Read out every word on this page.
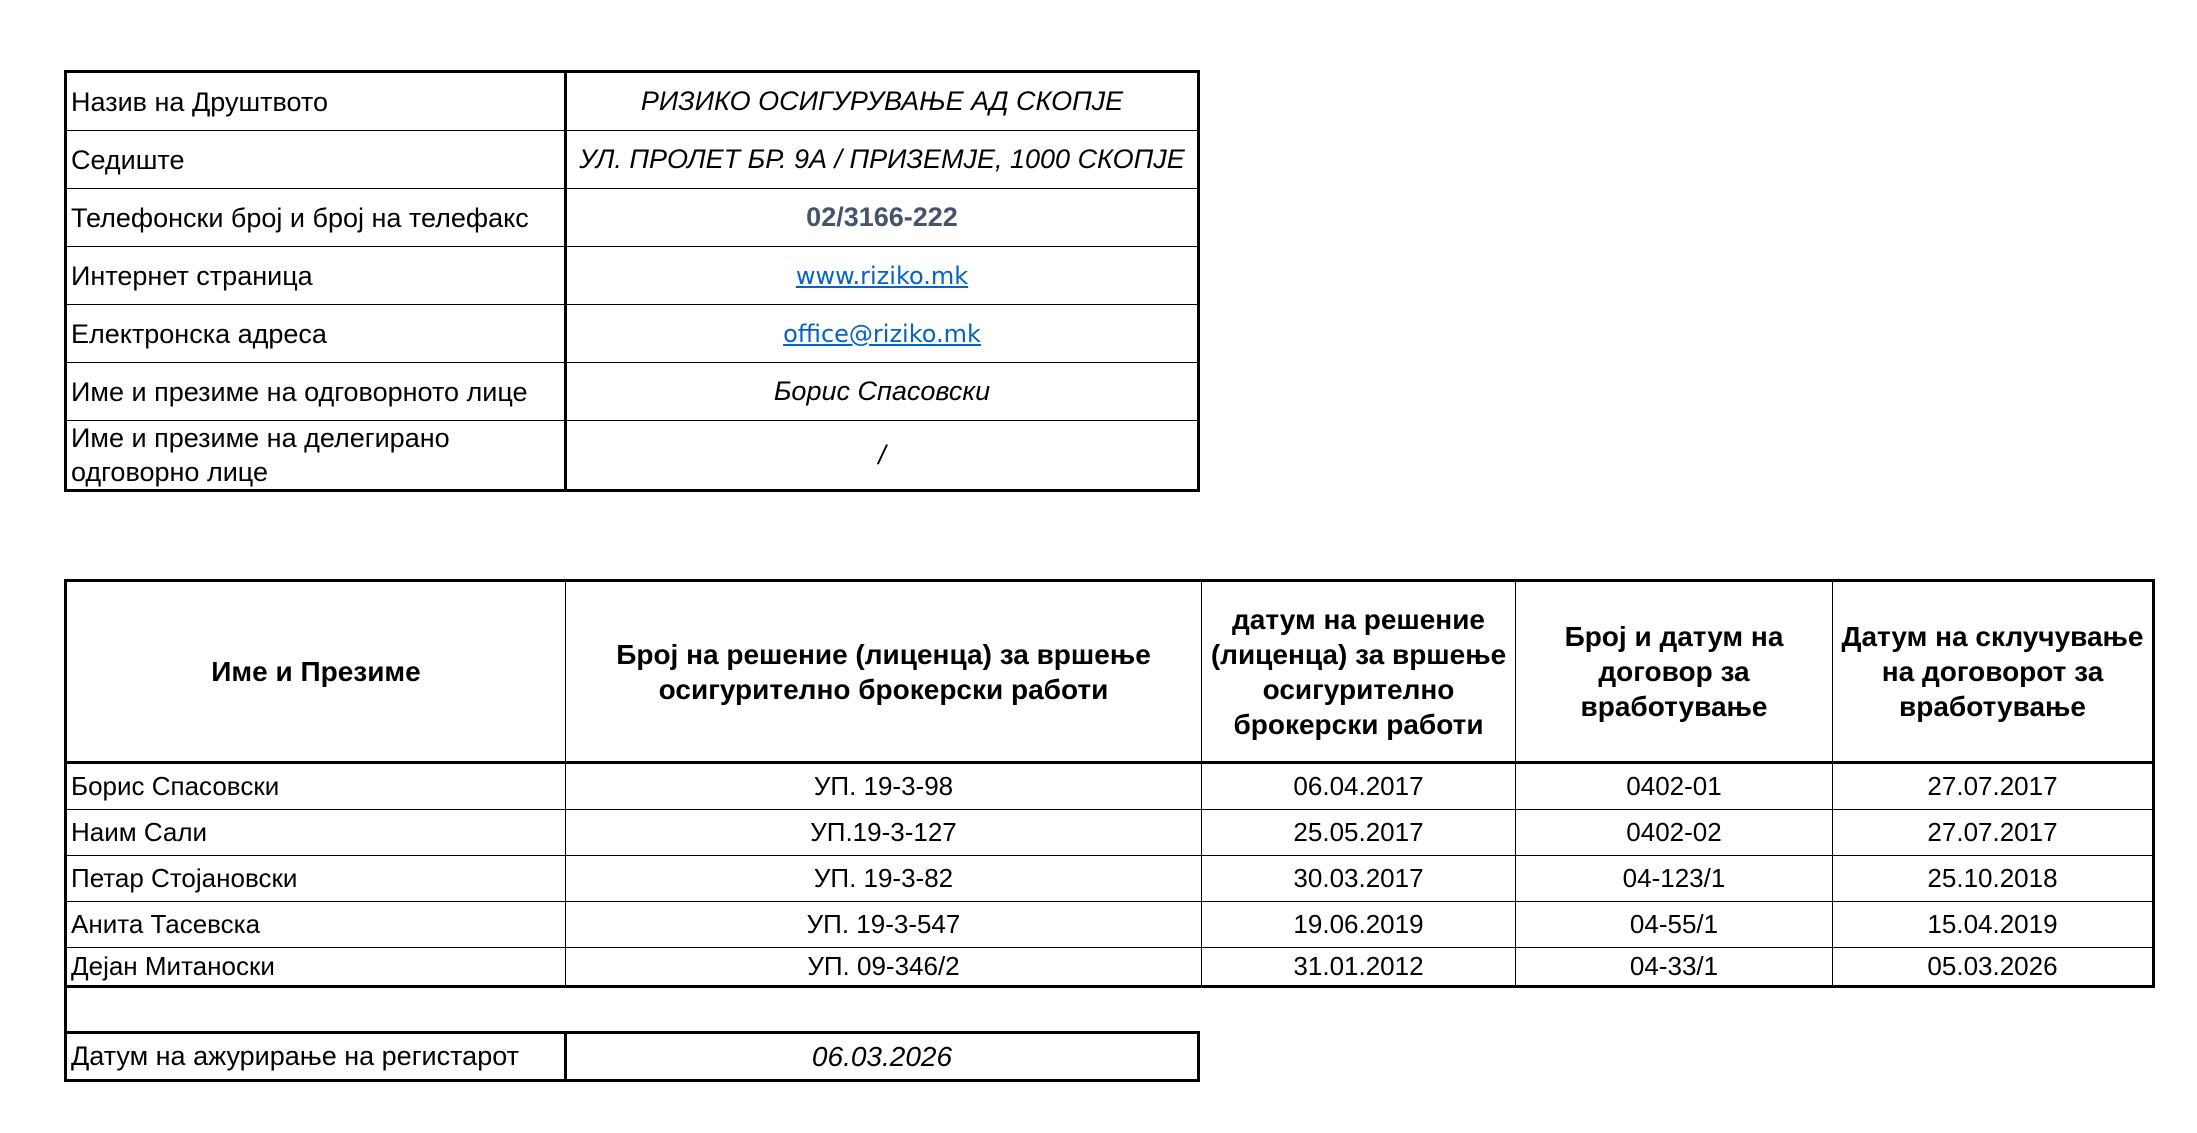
Назив на Друштвото	РИЗИКО ОСИГУРУВАЊЕ АД СКОПЈЕ
Седиште	УЛ. ПРОЛЕТ БР. 9А / ПРИЗЕМЈЕ, 1000 СКОПЈЕ
Телефонски број и број на телефакс	02/3166-222
Интернет страница	www.riziko.mk
Електронска адреса	office@riziko.mk
Име и презиме на одговорното лице	Борис Спасовски
Име и презиме на делегирано одговорно лице	/
Име и Презиме	Број на решение (лиценца) за вршење осигурително брокерски работи	датум на решение (лиценца) за вршење осигурително брокерски работи	Број и датум на договор за вработување	Датум на склучување на договорот за вработување
Борис Спасовски	УП. 19-3-98	06.04.2017	0402-01	27.07.2017
Наим Сали	УП.19-3-127	25.05.2017	0402-02	27.07.2017
Петар Стојановски	УП. 19-3-82	30.03.2017	04-123/1	25.10.2018
Анита Тасевска	УП. 19-3-547	19.06.2019	04-55/1	15.04.2019
Дејан Митаноски	УП. 09-346/2	31.01.2012	04-33/1	05.03.2026
Датум на ажурирање на регистарот	06.03.2026
